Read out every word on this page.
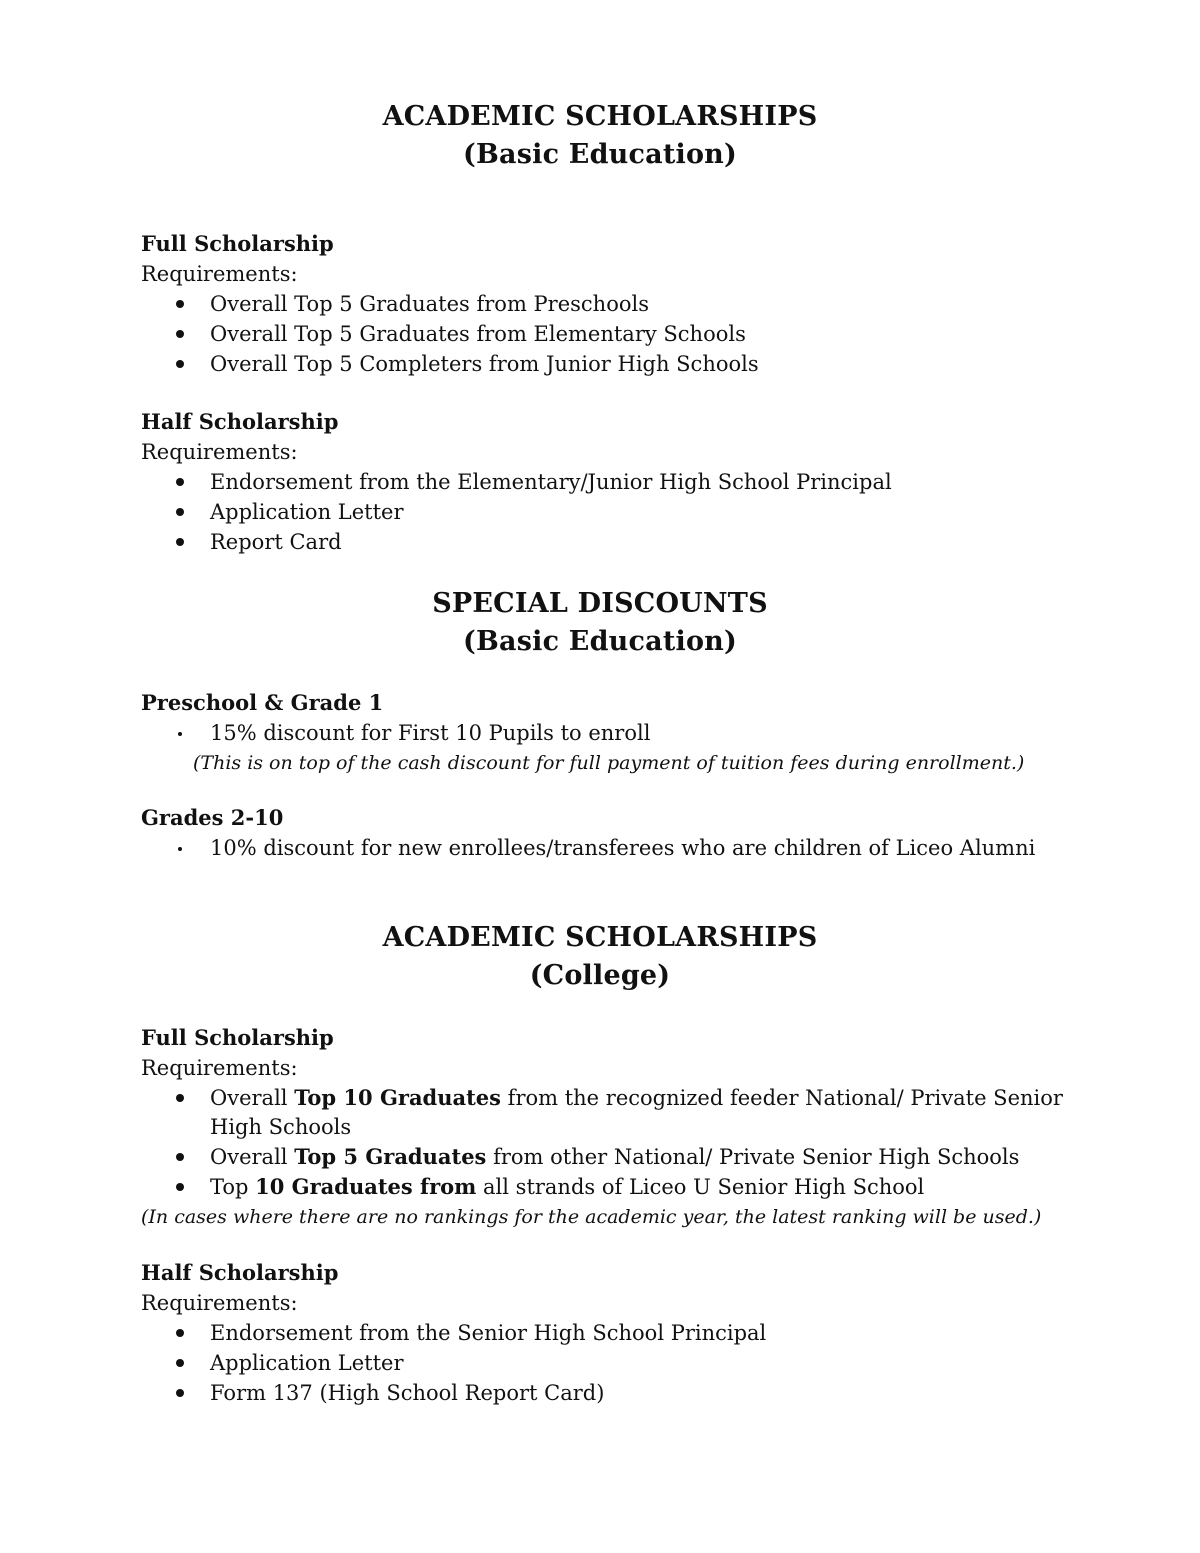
ACADEMIC SCHOLARSHIPS
(Basic Education)
Full Scholarship
Requirements:
Overall Top 5 Graduates from Preschools
Overall Top 5 Graduates from Elementary Schools
Overall Top 5 Completers from Junior High Schools
Half Scholarship
Requirements:
Endorsement from the Elementary/Junior High School Principal
Application Letter
Report Card
SPECIAL DISCOUNTS
(Basic Education)
Preschool & Grade 1
15% discount for First 10 Pupils to enroll
(This is on top of the cash discount for full payment of tuition fees during enrollment.)
Grades 2-10
10% discount for new enrollees/transferees who are children of Liceo Alumni
ACADEMIC SCHOLARSHIPS
(College)
Full Scholarship
Requirements:
Overall Top 10 Graduates from the recognized feeder National/ Private Senior High Schools
Overall Top 5 Graduates from other National/ Private Senior High Schools
Top 10 Graduates from all strands of Liceo U Senior High School
(In cases where there are no rankings for the academic year, the latest ranking will be used.)
Half Scholarship
Requirements:
Endorsement from the Senior High School Principal
Application Letter
Form 137 (High School Report Card)
